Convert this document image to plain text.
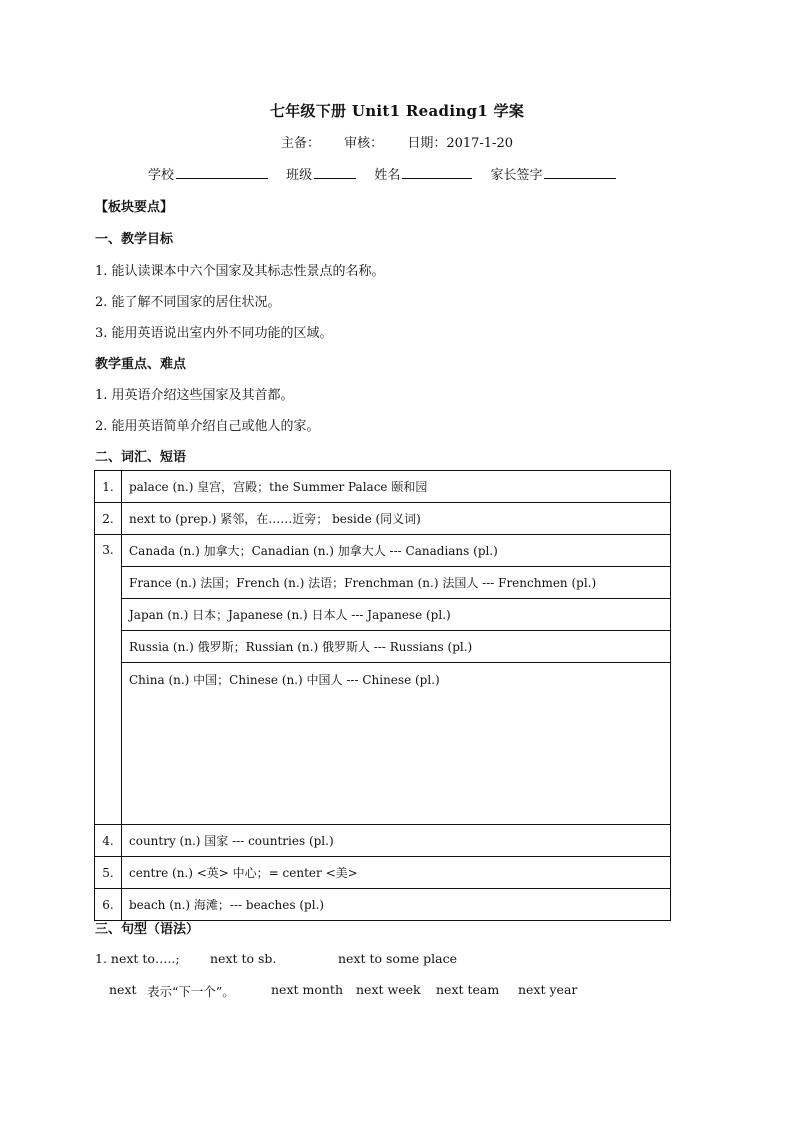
七年级下册 Unit1 Reading1 学案
主备： 审核： 日期：2017-1-20
学校	班级	姓名	家长签字
【板块要点】
一、教学目标
1. 能认读课本中六个国家及其标志性景点的名称。
2. 能了解不同国家的居住状况。
3. 能用英语说出室内外不同功能的区域。
教学重点、难点
1. 用英语介绍这些国家及其首都。
2. 能用英语简单介绍自己或他人的家。
二、词汇、短语
1.	palace (n.) 皇宫，宫殿；the Summer Palace 颐和园
2.	next to (prep.) 紧邻，在……近旁； beside (同义词)
3.	Canada (n.) 加拿大；Canadian (n.) 加拿大人 --- Canadians (pl.)
	France (n.) 法国；French (n.) 法语；Frenchman (n.) 法国人 --- Frenchmen (pl.)
	Japan (n.) 日本；Japanese (n.) 日本人 --- Japanese (pl.)
	Russia (n.) 俄罗斯；Russian (n.) 俄罗斯人 --- Russians (pl.)
	China (n.) 中国；Chinese (n.) 中国人 --- Chinese (pl.)
4.	country (n.) 国家 --- countries (pl.)
5.	centre (n.) <英> 中心；= center <美>
6.	beach (n.) 海滩；--- beaches (pl.)
三、句型（语法）
1. next to…..; next to sb.	next to some place
next 表示“下一个”。	next month next week next team next year
